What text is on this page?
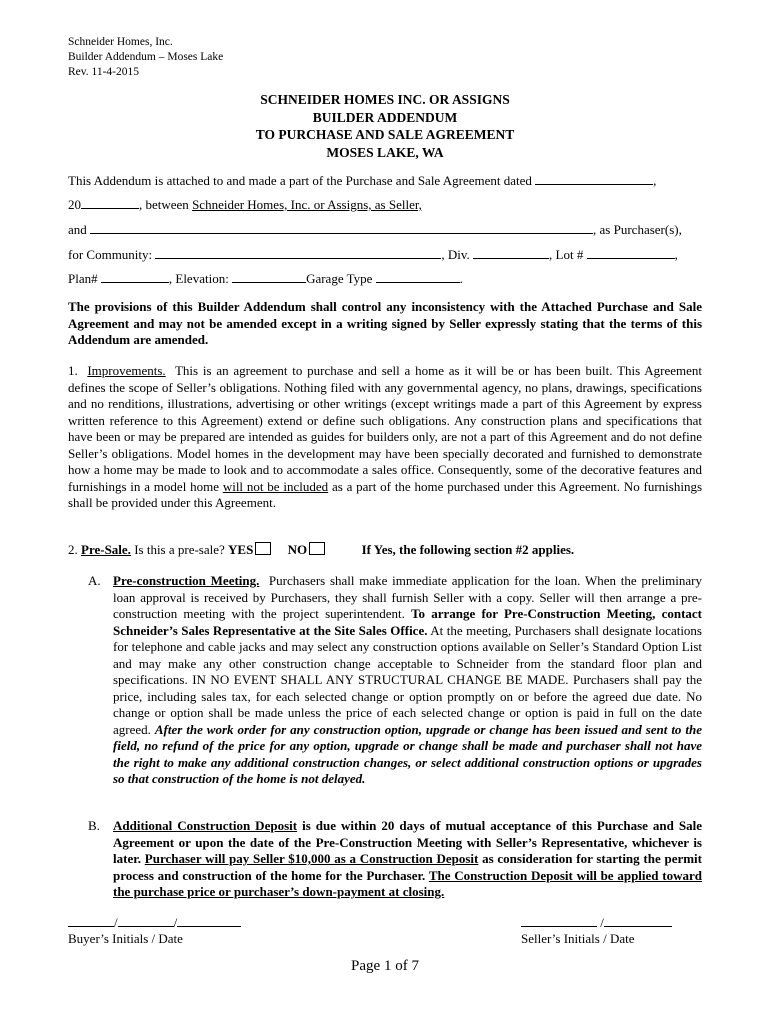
Schneider Homes, Inc.
Builder Addendum – Moses Lake
Rev. 11-4-2015
SCHNEIDER HOMES INC. OR ASSIGNS
BUILDER ADDENDUM
TO PURCHASE AND SALE AGREEMENT
MOSES LAKE, WA
This Addendum is attached to and made a part of the Purchase and Sale Agreement dated	,
20	, between Schneider Homes, Inc. or Assigns, as Seller,
and	, as Purchaser(s),
for Community:	, Div.	, Lot #	,
Plan#	, Elevation:	Garage Type	.
The provisions of this Builder Addendum shall control any inconsistency with the Attached Purchase and Sale Agreement and may not be amended except in a writing signed by Seller expressly stating that the terms of this Addendum are amended.
1. Improvements. This is an agreement to purchase and sell a home as it will be or has been built. This Agreement defines the scope of Seller’s obligations. Nothing filed with any governmental agency, no plans, drawings, specifications and no renditions, illustrations, advertising or other writings (except writings made a part of this Agreement by express written reference to this Agreement) extend or define such obligations. Any construction plans and specifications that have been or may be prepared are intended as guides for builders only, are not a part of this Agreement and do not define Seller’s obligations. Model homes in the development may have been specially decorated and furnished to demonstrate how a home may be made to look and to accommodate a sales office. Consequently, some of the decorative features and furnishings in a model home will not be included as a part of the home purchased under this Agreement. No furnishings shall be provided under this Agreement.
2. Pre-Sale. Is this a pre-sale? YES	NO	If Yes, the following section #2 applies.
A. Pre-construction Meeting. Purchasers shall make immediate application for the loan. When the preliminary loan approval is received by Purchasers, they shall furnish Seller with a copy. Seller will then arrange a pre-construction meeting with the project superintendent. To arrange for Pre-Construction Meeting, contact Schneider’s Sales Representative at the Site Sales Office. At the meeting, Purchasers shall designate locations for telephone and cable jacks and may select any construction options available on Seller’s Standard Option List and may make any other construction change acceptable to Schneider from the standard floor plan and specifications. IN NO EVENT SHALL ANY STRUCTURAL CHANGE BE MADE. Purchasers shall pay the price, including sales tax, for each selected change or option promptly on or before the agreed due date. No change or option shall be made unless the price of each selected change or option is paid in full on the date agreed. After the work order for any construction option, upgrade or change has been issued and sent to the field, no refund of the price for any option, upgrade or change shall be made and purchaser shall not have the right to make any additional construction changes, or select additional construction options or upgrades so that construction of the home is not delayed.
B. Additional Construction Deposit is due within 20 days of mutual acceptance of this Purchase and Sale Agreement or upon the date of the Pre-Construction Meeting with Seller’s Representative, whichever is later. Purchaser will pay Seller $10,000 as a Construction Deposit as consideration for starting the permit process and construction of the home for the Purchaser. The Construction Deposit will be applied toward the purchase price or purchaser’s down-payment at closing.
/	/
Buyer’s Initials / Date
/
Seller’s Initials / Date
Page 1 of 7
